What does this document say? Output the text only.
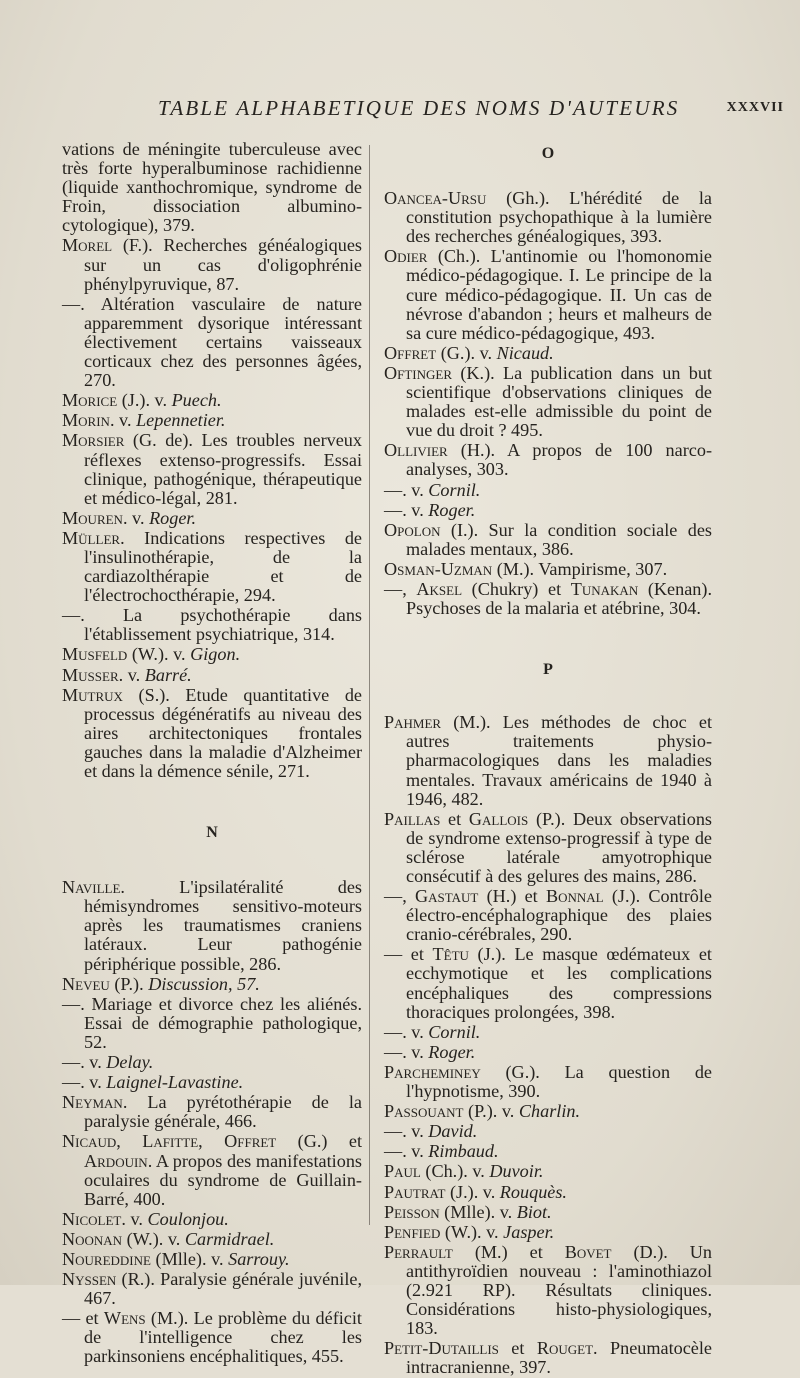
TABLE ALPHABETIQUE DES NOMS D'AUTEURS	XXXVII

vations de méningite tuberculeuse avec très forte hyperalbuminose rachidienne (liquide xanthochromique, syndrome de Froin, dissociation albumino-cytologique), 379.

Morel (F.). Recherches généalogiques sur un cas d'oligophrénie phénylpyruvique, 87.

—. Altération vasculaire de nature apparemment dysorique intéressant électivement certains vaisseaux corticaux chez des personnes âgées, 270.

Morice (J.). v. Puech.

Morin. v. Lepennetier.

Morsier (G. de). Les troubles nerveux réflexes extenso-progressifs. Essai clinique, pathogénique, thérapeutique et médico-légal, 281.

Mouren. v. Roger.

Müller. Indications respectives de l'insulinothérapie, de la cardiazolthérapie et de l'électrochocthérapie, 294.

—. La psychothérapie dans l'établissement psychiatrique, 314.

Musfeld (W.). v. Gigon.

Musser. v. Barré.

Mutrux (S.). Etude quantitative de processus dégénératifs au niveau des aires architectoniques frontales gauches dans la maladie d'Alzheimer et dans la démence sénile, 271.

N

Naville. L'ipsilatéralité des hémisyndromes sensitivo-moteurs après les traumatismes craniens latéraux. Leur pathogénie périphérique possible, 286.

Neveu (P.). Discussion, 57.

—. Mariage et divorce chez les aliénés. Essai de démographie pathologique, 52.

—. v. Delay.

—. v. Laignel-Lavastine.

Neyman. La pyrétothérapie de la paralysie générale, 466.

Nicaud, Lafitte, Offret (G.) et Ardouin. A propos des manifestations oculaires du syndrome de Guillain-Barré, 400.

Nicolet. v. Coulonjou.

Noonan (W.). v. Carmidrael.

Noureddine (Mlle). v. Sarrouy.

Nyssen (R.). Paralysie générale juvénile, 467.

— et Wens (M.). Le problème du déficit de l'intelligence chez les parkinsoniens encéphalitiques, 455.

O

Oancea-Ursu (Gh.). L'hérédité de la constitution psychopathique à la lumière des recherches généalogiques, 393.

Odier (Ch.). L'antinomie ou l'homonomie médico-pédagogique. I. Le principe de la cure médico-pédagogique. II. Un cas de névrose d'abandon ; heurs et malheurs de sa cure médico-pédagogique, 493.

Offret (G.). v. Nicaud.

Oftinger (K.). La publication dans un but scientifique d'observations cliniques de malades est-elle admissible du point de vue du droit ? 495.

Ollivier (H.). A propos de 100 narco-analyses, 303.

—. v. Cornil.

—. v. Roger.

Opolon (I.). Sur la condition sociale des malades mentaux, 386.

Osman-Uzman (M.). Vampirisme, 307.

—, Aksel (Chukry) et Tunakan (Kenan). Psychoses de la malaria et atébrine, 304.

P

Pahmer (M.). Les méthodes de choc et autres traitements physio-pharmacologiques dans les maladies mentales. Travaux américains de 1940 à 1946, 482.

Paillas et Gallois (P.). Deux observations de syndrome extenso-progressif à type de sclérose latérale amyotrophique consécutif à des gelures des mains, 286.

—, Gastaut (H.) et Bonnal (J.). Contrôle électro-encéphalographique des plaies cranio-cérébrales, 290.

— et Têtu (J.). Le masque œdémateux et ecchymotique et les complications encéphaliques des compressions thoraciques prolongées, 398.

—. v. Cornil.

—. v. Roger.

Parcheminey (G.). La question de l'hypnotisme, 390.

Passouant (P.). v. Charlin.

—. v. David.

—. v. Rimbaud.

Paul (Ch.). v. Duvoir.

Pautrat (J.). v. Rouquès.

Peisson (Mlle). v. Biot.

Penfied (W.). v. Jasper.

Perrault (M.) et Bovet (D.). Un antithyroïdien nouveau : l'aminothiazol (2.921 RP). Résultats cliniques. Considérations histo-physiologiques, 183.

Petit-Dutaillis et Rouget. Pneumatocèle intracranienne, 397.
